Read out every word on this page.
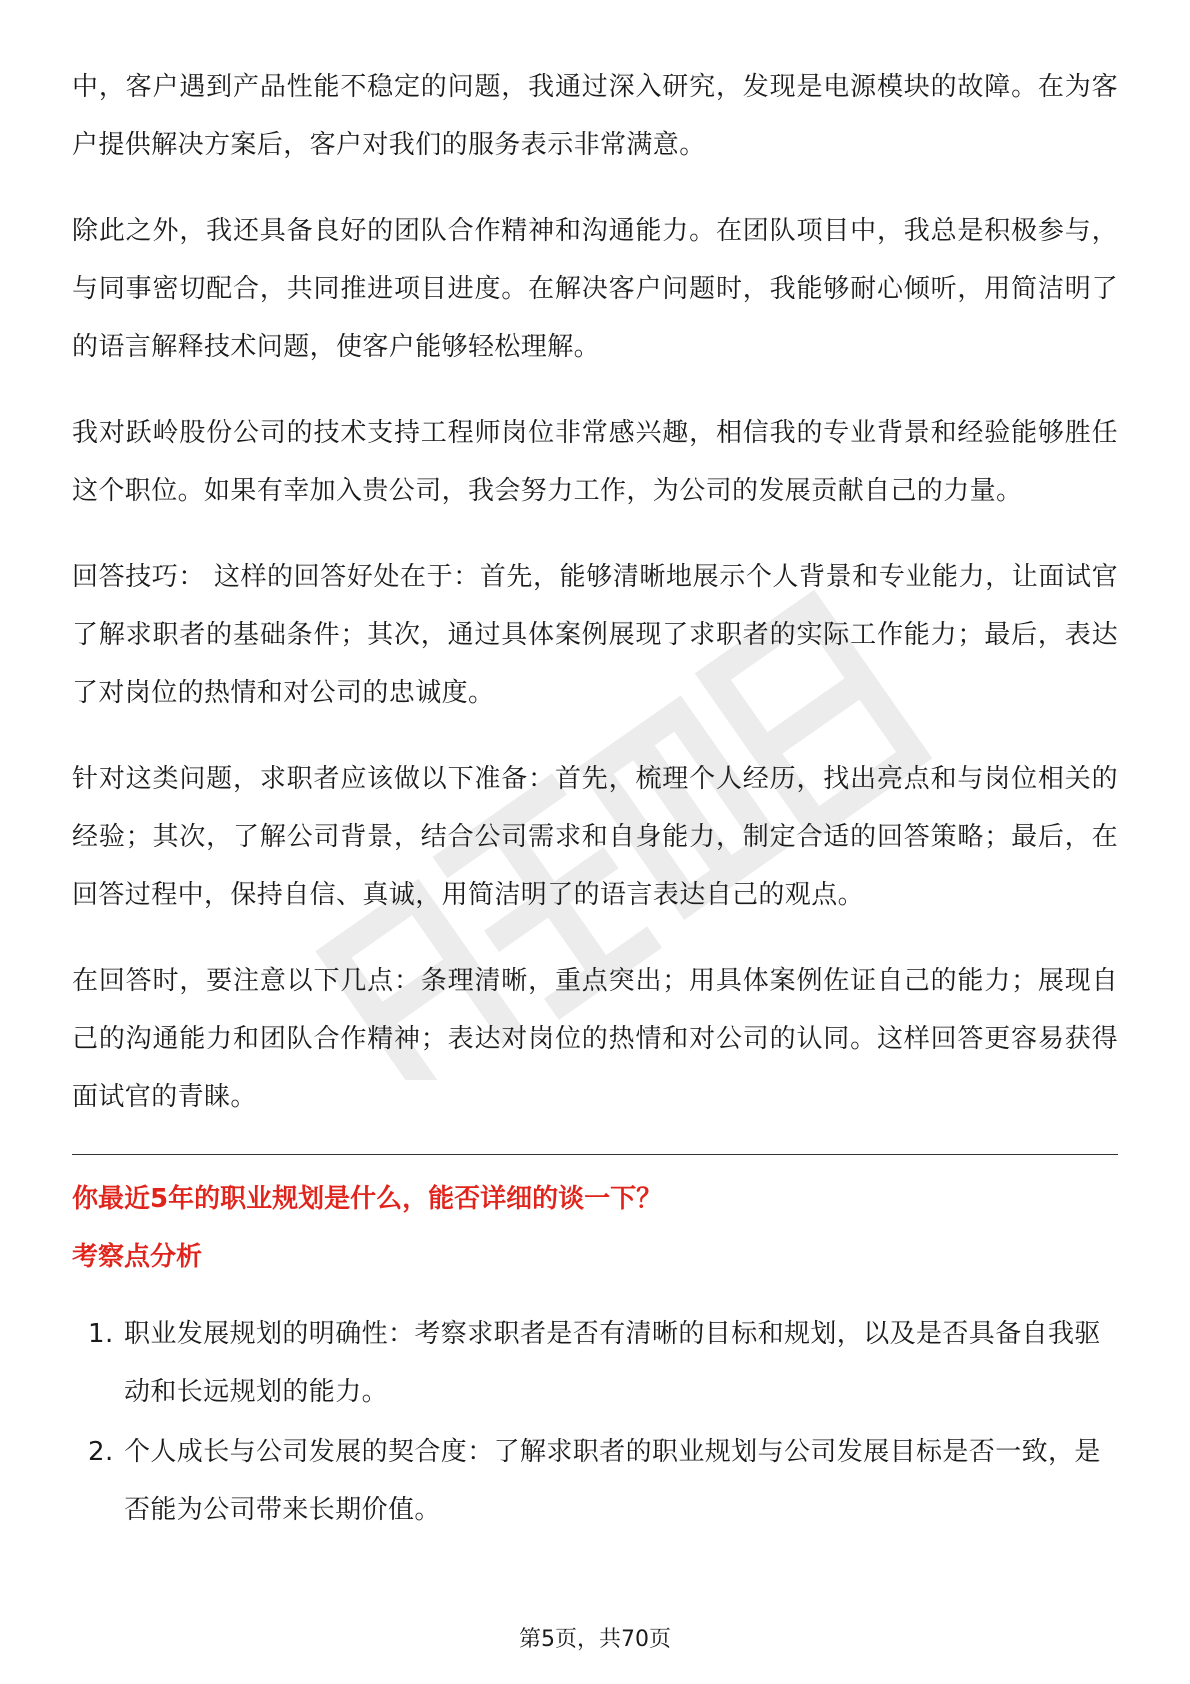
中，客户遇到产品性能不稳定的问题，我通过深入研究，发现是电源模块的故障。在为客户提供解决方案后，客户对我们的服务表示非常满意。

除此之外，我还具备良好的团队合作精神和沟通能力。在团队项目中，我总是积极参与，与同事密切配合，共同推进项目进度。在解决客户问题时，我能够耐心倾听，用简洁明了的语言解释技术问题，使客户能够轻松理解。

我对跃岭股份公司的技术支持工程师岗位非常感兴趣，相信我的专业背景和经验能够胜任这个职位。如果有幸加入贵公司，我会努力工作，为公司的发展贡献自己的力量。

回答技巧： 这样的回答好处在于：首先，能够清晰地展示个人背景和专业能力，让面试官了解求职者的基础条件；其次，通过具体案例展现了求职者的实际工作能力；最后，表达了对岗位的热情和对公司的忠诚度。

针对这类问题，求职者应该做以下准备：首先，梳理个人经历，找出亮点和与岗位相关的经验；其次，了解公司背景，结合公司需求和自身能力，制定合适的回答策略；最后，在回答过程中，保持自信、真诚，用简洁明了的语言表达自己的观点。

在回答时，要注意以下几点：条理清晰，重点突出；用具体案例佐证自己的能力；展现自己的沟通能力和团队合作精神；表达对岗位的热情和对公司的认同。这样回答更容易获得面试官的青睐。

你最近5年的职业规划是什么，能否详细的谈一下？

考察点分析

1. 职业发展规划的明确性：考察求职者是否有清晰的目标和规划，以及是否具备自我驱动和长远规划的能力。
2. 个人成长与公司发展的契合度：了解求职者的职业规划与公司发展目标是否一致，是否能为公司带来长期价值。
第5页，共70页
